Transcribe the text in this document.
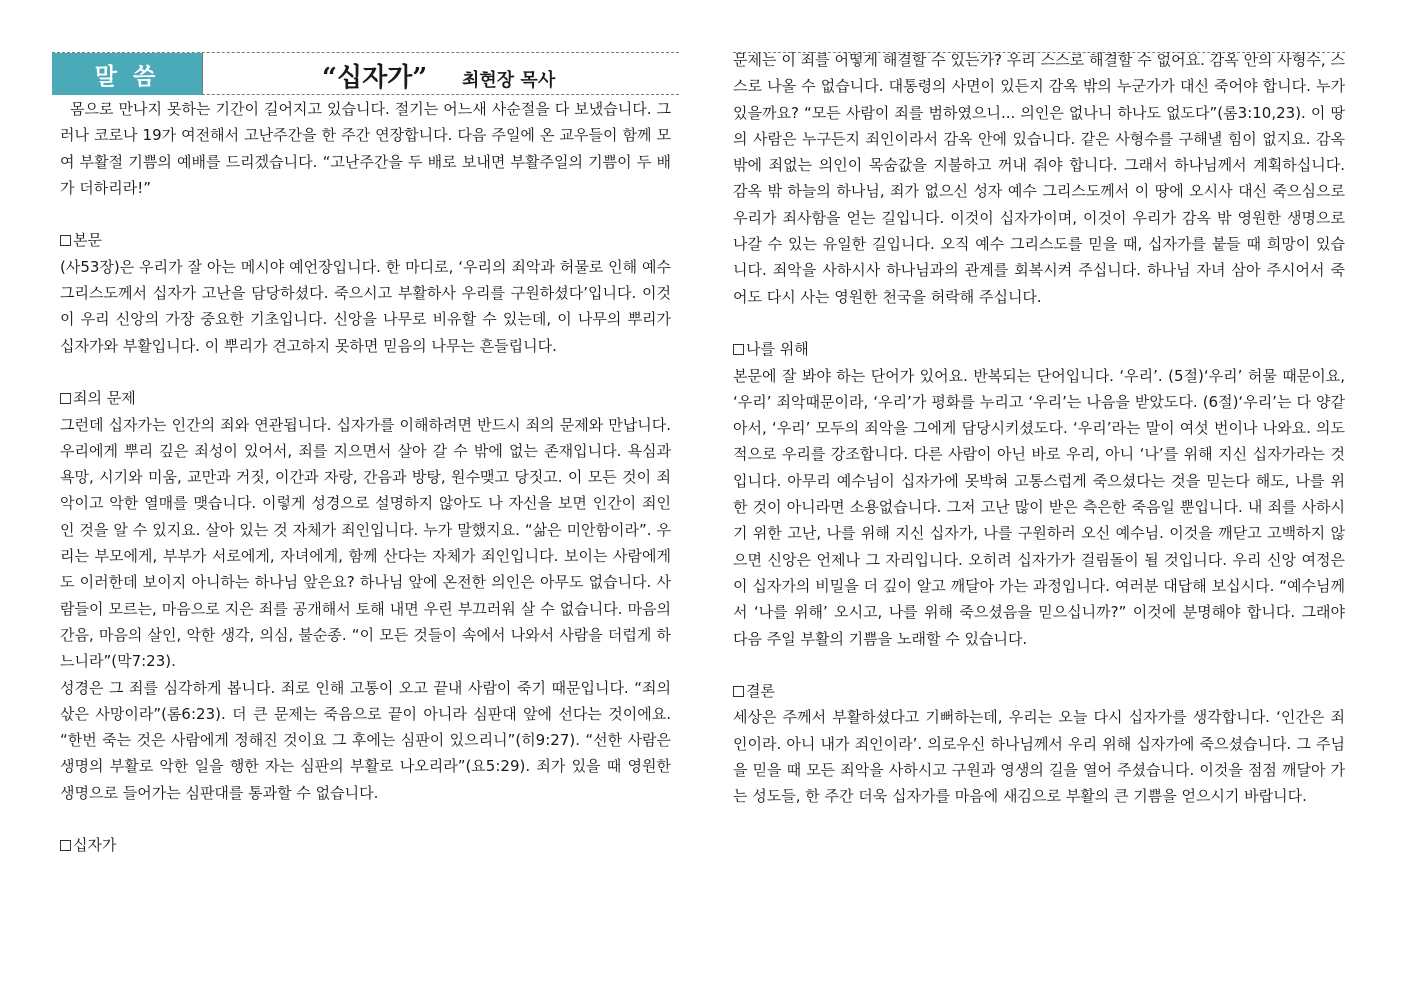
말 씀	“십자가” 최현장 목사

몸으로 만나지 못하는 기간이 길어지고 있습니다. 절기는 어느새 사순절을 다 보냈습니다. 그러나 코로나 19가 여전해서 고난주간을 한 주간 연장합니다. 다음 주일에 온 교우들이 함께 모여 부활절 기쁨의 예배를 드리겠습니다. “고난주간을 두 배로 보내면 부활주일의 기쁨이 두 배가 더하리라!”

본문

(사53장)은 우리가 잘 아는 메시야 예언장입니다. 한 마디로, ‘우리의 죄악과 허물로 인해 예수 그리스도께서 십자가 고난을 담당하셨다. 죽으시고 부활하사 우리를 구원하셨다’입니다. 이것이 우리 신앙의 가장 중요한 기초입니다. 신앙을 나무로 비유할 수 있는데, 이 나무의 뿌리가 십자가와 부활입니다. 이 뿌리가 견고하지 못하면 믿음의 나무는 흔들립니다.

죄의 문제

그런데 십자가는 인간의 죄와 연관됩니다. 십자가를 이해하려면 반드시 죄의 문제와 만납니다. 우리에게 뿌리 깊은 죄성이 있어서, 죄를 지으면서 살아 갈 수 밖에 없는 존재입니다. 욕심과 욕망, 시기와 미움, 교만과 거짓, 이간과 자랑, 간음과 방탕, 원수맺고 당짓고. 이 모든 것이 죄악이고 악한 열매를 맺습니다. 이렇게 성경으로 설명하지 않아도 나 자신을 보면 인간이 죄인인 것을 알 수 있지요. 살아 있는 것 자체가 죄인입니다. 누가 말했지요. “삶은 미안함이라”. 우리는 부모에게, 부부가 서로에게, 자녀에게, 함께 산다는 자체가 죄인입니다. 보이는 사람에게도 이러한데 보이지 아니하는 하나님 앞은요? 하나님 앞에 온전한 의인은 아무도 없습니다. 사람들이 모르는, 마음으로 지은 죄를 공개해서 토해 내면 우린 부끄러워 살 수 없습니다. 마음의 간음, 마음의 살인, 악한 생각, 의심, 불순종. “이 모든 것들이 속에서 나와서 사람을 더럽게 하느니라”(막7:23).

성경은 그 죄를 심각하게 봅니다. 죄로 인해 고통이 오고 끝내 사람이 죽기 때문입니다. “죄의 삯은 사망이라”(롬6:23). 더 큰 문제는 죽음으로 끝이 아니라 심판대 앞에 선다는 것이에요. “한번 죽는 것은 사람에게 정해진 것이요 그 후에는 심판이 있으리니”(히9:27). “선한 사람은 생명의 부활로 악한 일을 행한 자는 심판의 부활로 나오리라”(요5:29). 죄가 있을 때 영원한 생명으로 들어가는 심판대를 통과할 수 없습니다.

십자가

문제는 이 죄를 어떻게 해결할 수 있는가? 우리 스스로 해결할 수 없어요. 감옥 안의 사형수, 스스로 나올 수 없습니다. 대통령의 사면이 있든지 감옥 밖의 누군가가 대신 죽어야 합니다. 누가 있을까요? “모든 사람이 죄를 범하였으니... 의인은 없나니 하나도 없도다”(롬3:10,23). 이 땅의 사람은 누구든지 죄인이라서 감옥 안에 있습니다. 같은 사형수를 구해낼 힘이 없지요. 감옥 밖에 죄없는 의인이 목숨값을 지불하고 꺼내 줘야 합니다. 그래서 하나님께서 계획하십니다. 감옥 밖 하늘의 하나님, 죄가 없으신 성자 예수 그리스도께서 이 땅에 오시사 대신 죽으심으로 우리가 죄사함을 얻는 길입니다. 이것이 십자가이며, 이것이 우리가 감옥 밖 영원한 생명으로 나갈 수 있는 유일한 길입니다. 오직 예수 그리스도를 믿을 때, 십자가를 붙들 때 희망이 있습니다. 죄악을 사하시사 하나님과의 관계를 회복시켜 주십니다. 하나님 자녀 삼아 주시어서 죽어도 다시 사는 영원한 천국을 허락해 주십니다.

나를 위해

본문에 잘 봐야 하는 단어가 있어요. 반복되는 단어입니다. ‘우리’. (5절)‘우리’ 허물 때문이요, ‘우리’ 죄악때문이라, ‘우리’가 평화를 누리고 ‘우리’는 나음을 받았도다. (6절)‘우리’는 다 양같아서, ‘우리’ 모두의 죄악을 그에게 담당시키셨도다. ‘우리’라는 말이 여섯 번이나 나와요. 의도적으로 우리를 강조합니다. 다른 사람이 아닌 바로 우리, 아니 ‘나’를 위해 지신 십자가라는 것입니다. 아무리 예수님이 십자가에 못박혀 고통스럽게 죽으셨다는 것을 믿는다 해도, 나를 위한 것이 아니라면 소용없습니다. 그저 고난 많이 받은 측은한 죽음일 뿐입니다. 내 죄를 사하시기 위한 고난, 나를 위해 지신 십자가, 나를 구원하러 오신 예수님. 이것을 깨닫고 고백하지 않으면 신앙은 언제나 그 자리입니다. 오히려 십자가가 걸림돌이 될 것입니다. 우리 신앙 여정은 이 십자가의 비밀을 더 깊이 알고 깨달아 가는 과정입니다. 여러분 대답해 보십시다. “예수님께서 ‘나를 위해’ 오시고, 나를 위해 죽으셨음을 믿으십니까?” 이것에 분명해야 합니다. 그래야 다음 주일 부활의 기쁨을 노래할 수 있습니다.

결론

세상은 주께서 부활하셨다고 기뻐하는데, 우리는 오늘 다시 십자가를 생각합니다. ‘인간은 죄인이라. 아니 내가 죄인이라’. 의로우신 하나님께서 우리 위해 십자가에 죽으셨습니다. 그 주님을 믿을 때 모든 죄악을 사하시고 구원과 영생의 길을 열어 주셨습니다. 이것을 점점 깨달아 가는 성도들, 한 주간 더욱 십자가를 마음에 새김으로 부활의 큰 기쁨을 얻으시기 바랍니다.
